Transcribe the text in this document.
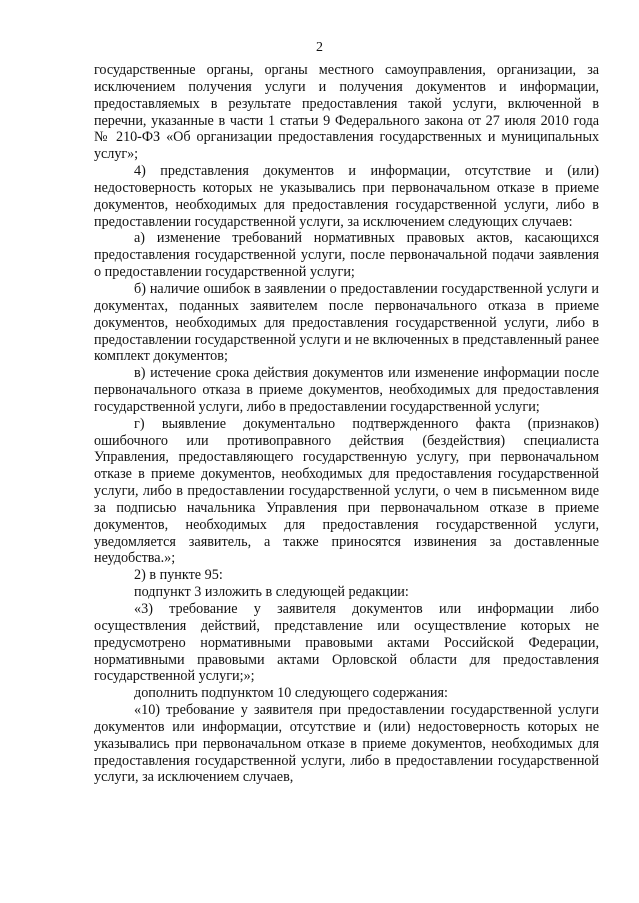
2

государственные органы, органы местного самоуправления, организации, за исключением получения услуги и получения документов и информации, предоставляемых в результате предоставления такой услуги, включенной в перечни, указанные в части 1 статьи 9 Федерального закона от 27 июля 2010 года № 210-ФЗ «Об организации предоставления государственных и муниципальных услуг»;

4) представления документов и информации, отсутствие и (или) недостоверность которых не указывались при первоначальном отказе в приеме документов, необходимых для предоставления государственной услуги, либо в предоставлении государственной услуги, за исключением следующих случаев:

а) изменение требований нормативных правовых актов, касающихся предоставления государственной услуги, после первоначальной подачи заявления о предоставлении государственной услуги;

б) наличие ошибок в заявлении о предоставлении государственной услуги и документах, поданных заявителем после первоначального отказа в приеме документов, необходимых для предоставления государственной услуги, либо в предоставлении государственной услуги и не включенных в представленный ранее комплект документов;

в) истечение срока действия документов или изменение информации после первоначального отказа в приеме документов, необходимых для предоставления государственной услуги, либо в предоставлении государственной услуги;

г) выявление документально подтвержденного факта (признаков) ошибочного или противоправного действия (бездействия) специалиста Управления, предоставляющего государственную услугу, при первоначальном отказе в приеме документов, необходимых для предоставления государственной услуги, либо в предоставлении государственной услуги, о чем в письменном виде за подписью начальника Управления при первоначальном отказе в приеме документов, необходимых для предоставления государственной услуги, уведомляется заявитель, а также приносятся извинения за доставленные неудобства.»;

2) в пункте 95:

подпункт 3 изложить в следующей редакции:

«3) требование у заявителя документов или информации либо осуществления действий, представление или осуществление которых не предусмотрено нормативными правовыми актами Российской Федерации, нормативными правовыми актами Орловской области для предоставления государственной услуги;»;

дополнить подпунктом 10 следующего содержания:

«10) требование у заявителя при предоставлении государственной услуги документов или информации, отсутствие и (или) недостоверность которых не указывались при первоначальном отказе в приеме документов, необходимых для предоставления государственной услуги, либо в предоставлении государственной услуги, за исключением случаев,
